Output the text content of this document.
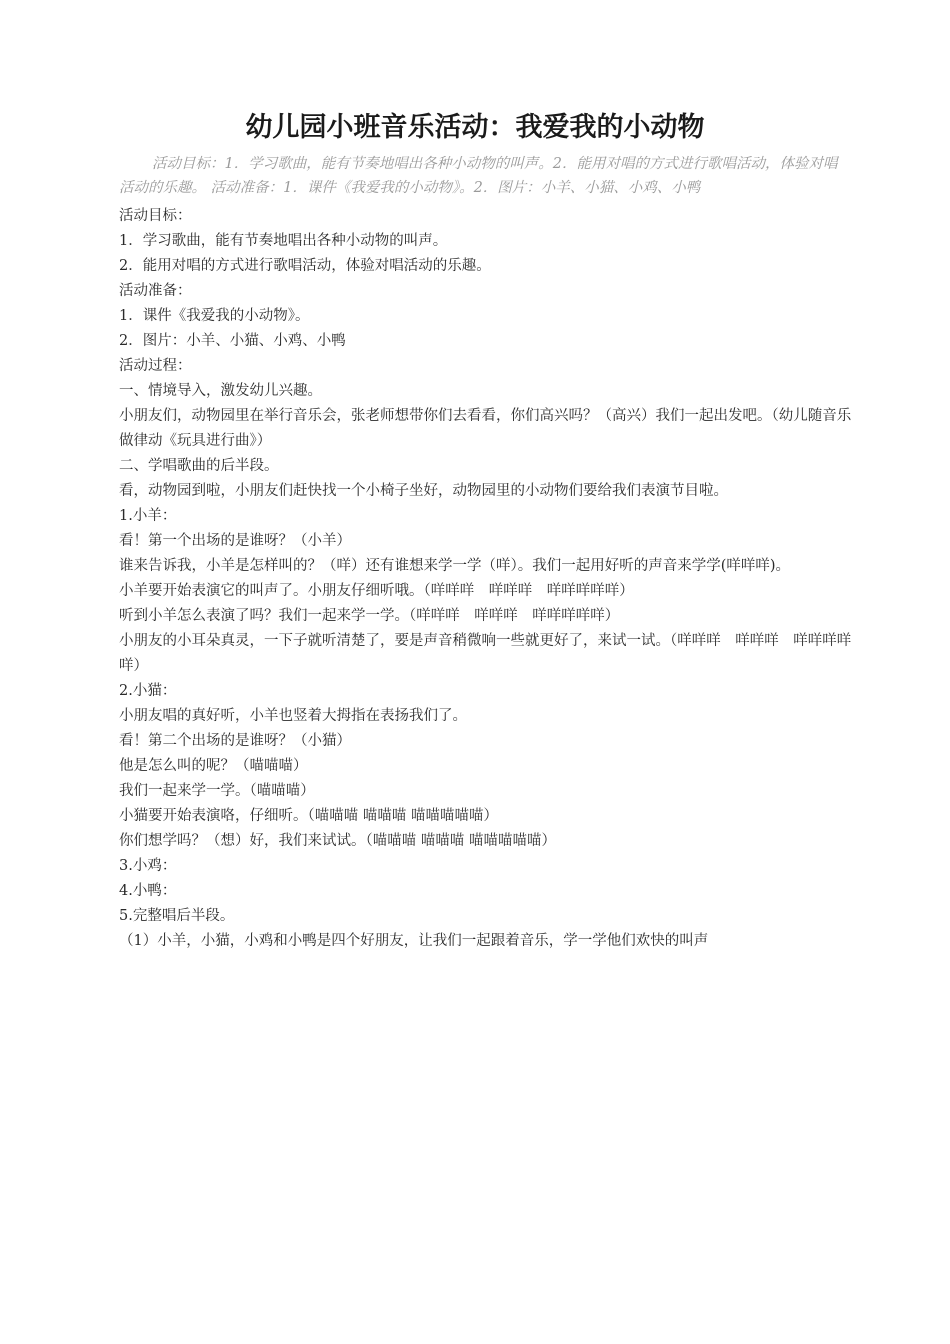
幼儿园小班音乐活动：我爱我的小动物

活动目标：1．学习歌曲，能有节奏地唱出各种小动物的叫声。2．能用对唱的方式进行歌唱活动，体验对唱活动的乐趣。 活动准备：1．课件《我爱我的小动物》。2．图片：小羊、小猫、小鸡、小鸭

活动目标：

1．学习歌曲，能有节奏地唱出各种小动物的叫声。

2．能用对唱的方式进行歌唱活动，体验对唱活动的乐趣。

活动准备：

1．课件《我爱我的小动物》。

2．图片：小羊、小猫、小鸡、小鸭

活动过程：

一、情境导入，激发幼儿兴趣。

小朋友们，动物园里在举行音乐会，张老师想带你们去看看，你们高兴吗？（高兴）我们一起出发吧。（幼儿随音乐做律动《玩具进行曲》）

二、学唱歌曲的后半段。

看，动物园到啦，小朋友们赶快找一个小椅子坐好，动物园里的小动物们要给我们表演节目啦。

1.小羊：

看！第一个出场的是谁呀？（小羊）

谁来告诉我，小羊是怎样叫的？（咩）还有谁想来学一学（咩）。我们一起用好听的声音来学学(咩咩咩)。

小羊要开始表演它的叫声了。小朋友仔细听哦。（咩咩咩　咩咩咩　咩咩咩咩咩）

听到小羊怎么表演了吗？我们一起来学一学。（咩咩咩　咩咩咩　咩咩咩咩咩）

小朋友的小耳朵真灵，一下子就听清楚了，要是声音稍微响一些就更好了，来试一试。（咩咩咩　咩咩咩　咩咩咩咩咩）

2.小猫：

小朋友唱的真好听，小羊也竖着大拇指在表扬我们了。

看！第二个出场的是谁呀？（小猫）

他是怎么叫的呢？（喵喵喵）

我们一起来学一学。（喵喵喵）

小猫要开始表演咯，仔细听。（喵喵喵 喵喵喵 喵喵喵喵喵）

你们想学吗？（想）好，我们来试试。（喵喵喵 喵喵喵 喵喵喵喵喵）

3.小鸡：

4.小鸭：

5.完整唱后半段。

（1）小羊，小猫，小鸡和小鸭是四个好朋友，让我们一起跟着音乐，学一学他们欢快的叫声
